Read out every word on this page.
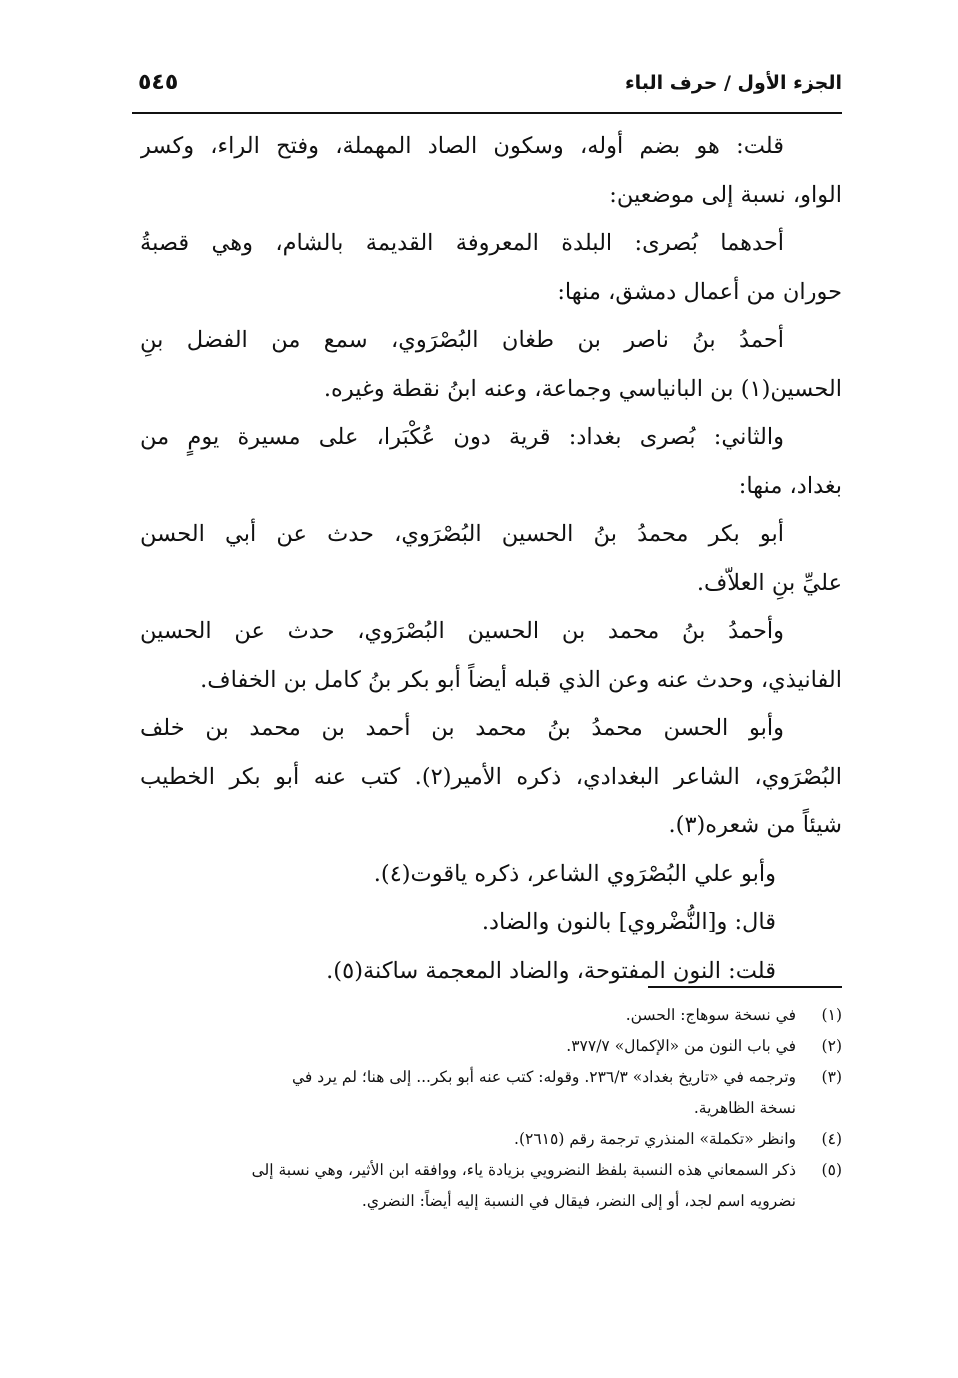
الجزء الأول / حرف الباء
٥٤٥
قلت: هو بضم أوله، وسكون الصاد المهملة، وفتح الراء، وكسر
الواو، نسبة إلى موضعين:
أحدهما بُصرى: البلدة المعروفة القديمة بالشام، وهي قصبةُ
حوران من أعمال دمشق، منها:
أحمدُ بنُ ناصر بن طغان البُصْرَوي، سمع من الفضل بنِ
الحسين(١) بن البانياسي وجماعة، وعنه ابنُ نقطة وغيره.
والثاني: بُصرى بغداد: قرية دون عُكْبَرا، على مسيرة يومٍ من
بغداد، منها:
أبو بكر محمدُ بنُ الحسين البُصْرَوي، حدث عن أبي الحسن
عليِّ بنِ العلاّف.
وأحمدُ بنُ محمد بن الحسين البُصْرَوي، حدث عن الحسين
الفانيذي، وحدث عنه وعن الذي قبله أيضاً أبو بكر بنُ كامل بن الخفاف.
وأبو الحسن محمدُ بنُ محمد بن أحمد بن محمد بن خلف
البُصْرَوي، الشاعر البغدادي، ذكره الأمير(٢). كتب عنه أبو بكر الخطيب
شيئاً من شعره(٣).
وأبو علي البُصْرَوي الشاعر، ذكره ياقوت(٤).
قال: و[النُّضْروي] بالنون والضاد.
قلت: النون المفتوحة، والضاد المعجمة ساكنة(٥).
(١)
في نسخة سوهاج: الحسن.
(٢)
في باب النون من «الإكمال» ٣٧٧/٧.
(٣)
وترجمه في «تاريخ بغداد» ٢٣٦/٣. وقوله: كتب عنه أبو بكر... إلى هنا؛ لم يرد في
نسخة الظاهرية.
(٤)
وانظر «تكملة» المنذري ترجمة رقم (٢٦١٥).
(٥)
ذكر السمعاني هذه النسبة بلفظ النضرويي بزيادة ياء، ووافقه ابن الأثير، وهي نسبة إلى
نضرويه اسم لجد، أو إلى النضر، فيقال في النسبة إليه أيضاً: النضري.
